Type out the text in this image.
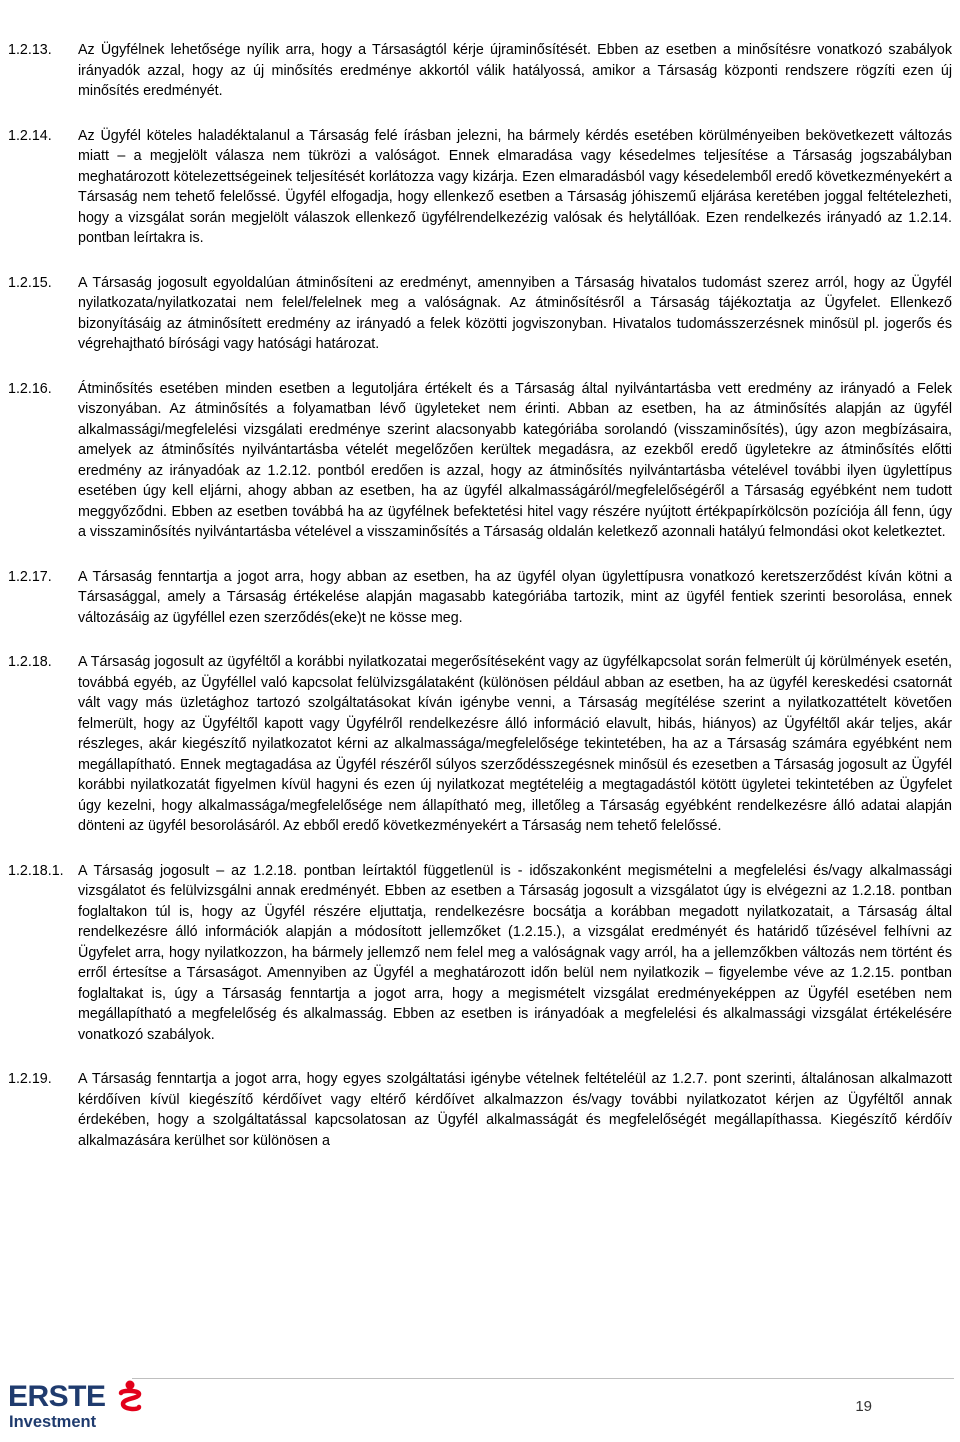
1.2.13.	Az Ügyfélnek lehetősége nyílik arra, hogy a Társaságtól kérje újraminősítését. Ebben az esetben a minősítésre vonatkozó szabályok irányadók azzal, hogy az új minősítés eredménye akkortól válik hatályossá, amikor a Társaság központi rendszere rögzíti ezen új minősítés eredményét.

1.2.14.	Az Ügyfél köteles haladéktalanul a Társaság felé írásban jelezni, ha bármely kérdés esetében körülményeiben bekövetkezett változás miatt – a megjelölt válasza nem tükrözi a valóságot. Ennek elmaradása vagy késedelmes teljesítése a Társaság jogszabályban meghatározott kötelezettségeinek teljesítését korlátozza vagy kizárja. Ezen elmaradásból vagy késedelemből eredő következményekért a Társaság nem tehető felelőssé. Ügyfél elfogadja, hogy ellenkező esetben a Társaság jóhiszemű eljárása keretében joggal feltételezheti, hogy a vizsgálat során megjelölt válaszok ellenkező ügyfélrendelkezézig valósak és helytállóak. Ezen rendelkezés irányadó az 1.2.14. pontban leírtakra is.

1.2.15.	A Társaság jogosult egyoldalúan átminősíteni az eredményt, amennyiben a Társaság hivatalos tudomást szerez arról, hogy az Ügyfél nyilatkozata/nyilatkozatai nem felel/felelnek meg a valóságnak. Az átminősítésről a Társaság tájékoztatja az Ügyfelet. Ellenkező bizonyításáig az átminősített eredmény az irányadó a felek közötti jogviszonyban. Hivatalos tudomásszerzésnek minősül pl. jogerős és végrehajtható bírósági vagy hatósági határozat.

1.2.16.	Átminősítés esetében minden esetben a legutoljára értékelt és a Társaság által nyilvántartásba vett eredmény az irányadó a Felek viszonyában. Az átminősítés a folyamatban lévő ügyleteket nem érinti. Abban az esetben, ha az átminősítés alapján az ügyfél alkalmassági/megfelelési vizsgálati eredménye szerint alacsonyabb kategóriába sorolandó (visszaminősítés), úgy azon megbízásaira, amelyek az átminősítés nyilvántartásba vételét megelőzően kerültek megadásra, az ezekből eredő ügyletekre az átminősítés előtti eredmény az irányadóak az 1.2.12. pontból eredően is azzal, hogy az átminősítés nyilvántartásba vételével további ilyen ügylettípus esetében úgy kell eljárni, ahogy abban az esetben, ha az ügyfél alkalmasságáról/megfelelőségéről a Társaság egyébként nem tudott meggyőződni. Ebben az esetben továbbá ha az ügyfélnek befektetési hitel vagy részére nyújtott értékpapírkölcsön pozíciója áll fenn, úgy a visszaminősítés nyilvántartásba vételével a visszaminősítés a Társaság oldalán keletkező azonnali hatályú felmondási okot keletkeztet.

1.2.17.	A Társaság fenntartja a jogot arra, hogy abban az esetben, ha az ügyfél olyan ügylettípusra vonatkozó keretszerződést kíván kötni a Társasággal, amely a Társaság értékelése alapján magasabb kategóriába tartozik, mint az ügyfél fentiek szerinti besorolása, ennek változásáig az ügyféllel ezen szerződés(eke)t ne kösse meg.

1.2.18.	A Társaság jogosult az ügyféltől a korábbi nyilatkozatai megerősítéseként vagy az ügyfélkapcsolat során felmerült új körülmények esetén, továbbá egyéb, az Ügyféllel való kapcsolat felülvizsgálataként (különösen például abban az esetben, ha az ügyfél kereskedési csatornát vált vagy más üzletághoz tartozó szolgáltatásokat kíván igénybe venni, a Társaság megítélése szerint a nyilatkozattételt követően felmerült, hogy az Ügyféltől kapott vagy Ügyfélről rendelkezésre álló információ elavult, hibás, hiányos) az Ügyféltől akár teljes, akár részleges, akár kiegészítő nyilatkozatot kérni az alkalmassága/megfelelősége tekintetében, ha az a Társaság számára egyébként nem megállapítható. Ennek megtagadása az Ügyfél részéről súlyos szerződésszegésnek minősül és ezesetben a Társaság jogosult az Ügyfél korábbi nyilatkozatát figyelmen kívül hagyni és ezen új nyilatkozat megtételéig a megtagadástól kötött ügyletei tekintetében az Ügyfelet úgy kezelni, hogy alkalmassága/megfelelősége nem állapítható meg, illetőleg a Társaság egyébként rendelkezésre álló adatai alapján dönteni az ügyfél besorolásáról. Az ebből eredő következményekért a Társaság nem tehető felelőssé.

1.2.18.1.	A Társaság jogosult – az 1.2.18. pontban leírtaktól függetlenül is - időszakonként megismételni a megfelelési és/vagy alkalmassági vizsgálatot és felülvizsgálni annak eredményét. Ebben az esetben a Társaság jogosult a vizsgálatot úgy is elvégezni az 1.2.18. pontban foglaltakon túl is, hogy az Ügyfél részére eljuttatja, rendelkezésre bocsátja a korábban megadott nyilatkozatait, a Társaság által rendelkezésre álló információk alapján a módosított jellemzőket (1.2.15.), a vizsgálat eredményét és határidő tűzésével felhívni az Ügyfelet arra, hogy nyilatkozzon, ha bármely jellemző nem felel meg a valóságnak vagy arról, ha a jellemzőkben változás nem történt és erről értesítse a Társaságot. Amennyiben az Ügyfél a meghatározott időn belül nem nyilatkozik – figyelembe véve az 1.2.15. pontban foglaltakat is, úgy a Társaság fenntartja a jogot arra, hogy a megismételt vizsgálat eredményeképpen az Ügyfél esetében nem megállapítható a megfelelőség és alkalmasság. Ebben az esetben is irányadóak a megfelelési és alkalmassági vizsgálat értékelésére vonatkozó szabályok.

1.2.19.	A Társaság fenntartja a jogot arra, hogy egyes szolgáltatási igénybe vételnek feltételéül az 1.2.7. pont szerinti, általánosan alkalmazott kérdőíven kívül kiegészítő kérdőívet vagy eltérő kérdőívet alkalmazzon és/vagy további nyilatkozatot kérjen az Ügyféltől annak érdekében, hogy a szolgáltatással kapcsolatosan az Ügyfél alkalmasságát és megfelelőségét megállapíthassa. Kiegészítő kérdőív alkalmazására kerülhet sor különösen a

ERSTE
Investment
19
